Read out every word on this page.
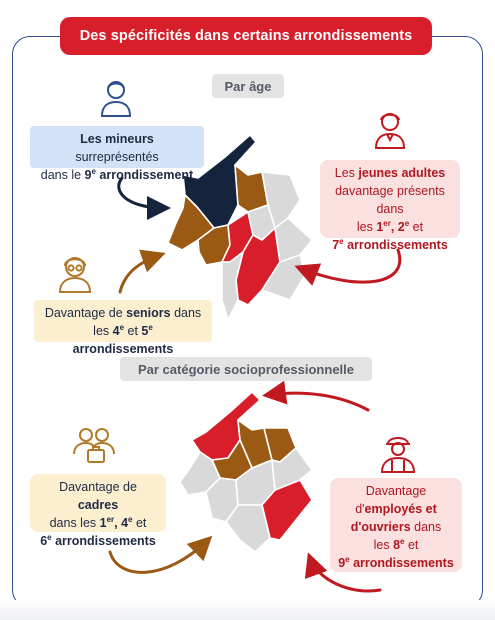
Des spécificités dans certains arrondissements
Par âge
Par catégorie socioprofessionnelle
Les mineurs surreprésentés
dans le 9e arrondissement	Les jeunes adultes
davantage présents dans
les 1er, 2e et
7e arrondissements
Davantage de seniors dans
les 4e et 5e arrondissements
Davantage de cadres
dans les 1er, 4e et
6e arrondissements
Davantage
d'employés et
d'ouvriers dans
les 8e et
9e arrondissements
